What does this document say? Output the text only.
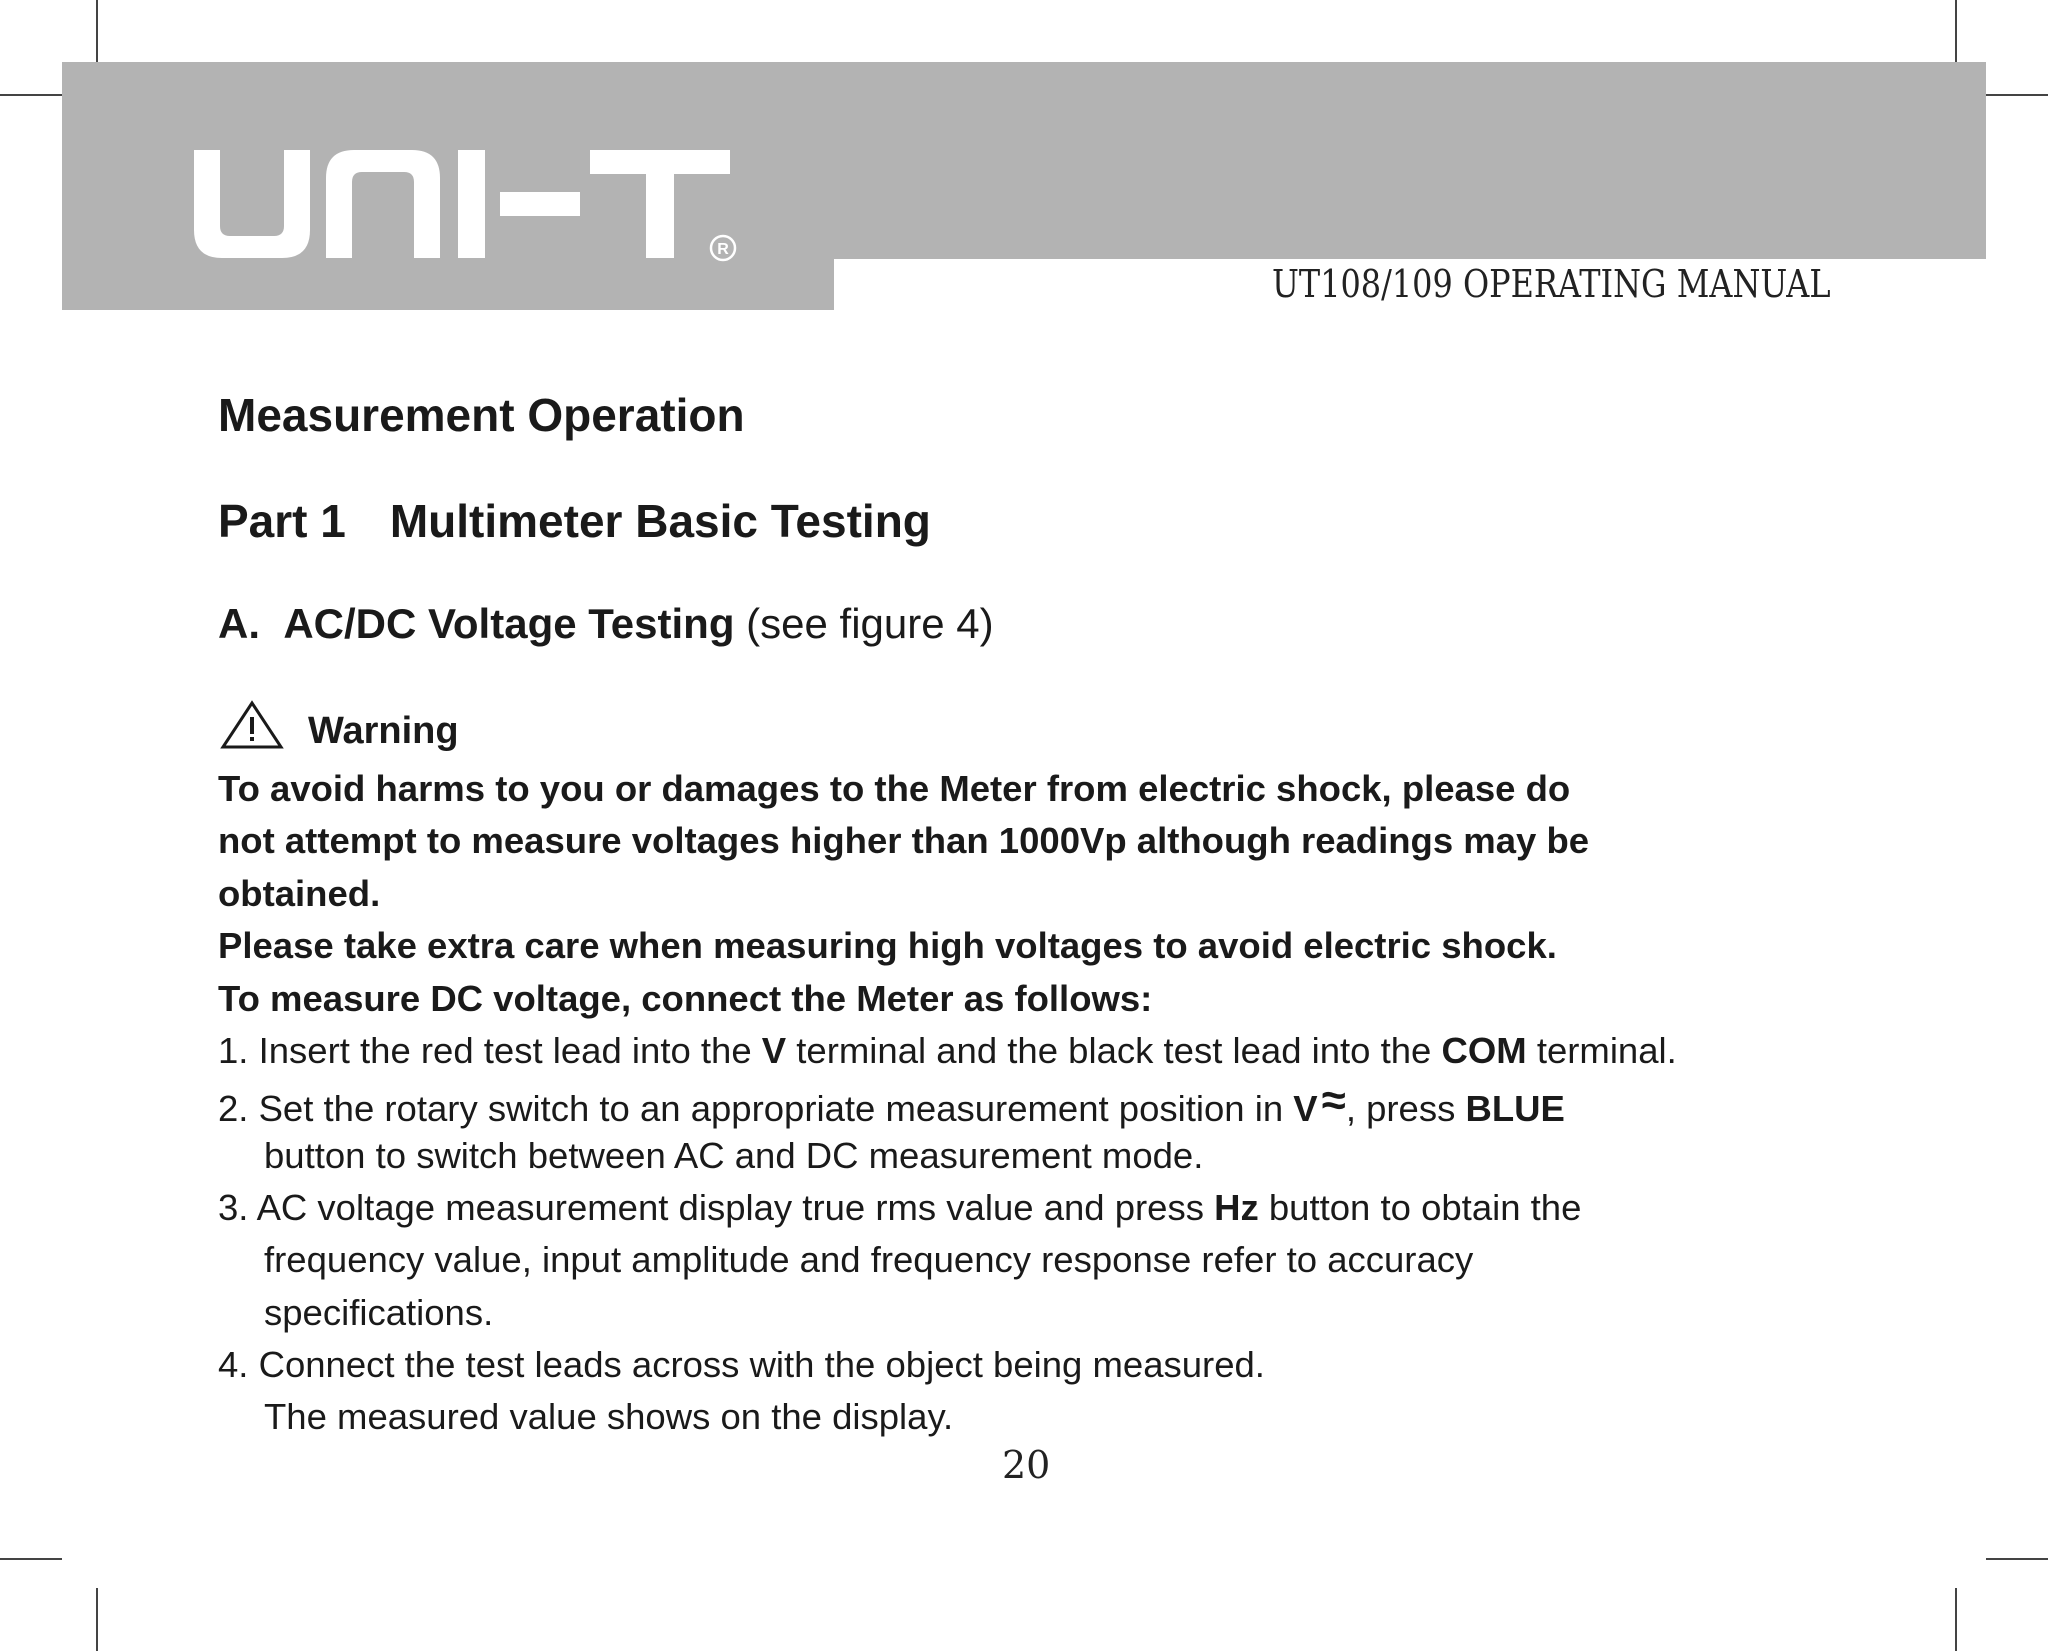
R
UT108/109 OPERATING MANUAL
Measurement Operation
Part 1 Multimeter Basic Testing
A. AC/DC Voltage Testing (see figure 4)
Warning
To avoid harms to you or damages to the Meter from electric shock, please do
not attempt to measure voltages higher than 1000Vp although readings may be
obtained.
Please take extra care when measuring high voltages to avoid electric shock.
To measure DC voltage, connect the Meter as follows:
1. Insert the red test lead into the V terminal and the black test lead into the COM terminal.
2. Set the rotary switch to an appropriate measurement position in V≈, press BLUE
button to switch between AC and DC measurement mode.
3. AC voltage measurement display true rms value and press Hz button to obtain the
frequency value, input amplitude and frequency response refer to accuracy
specifications.
4. Connect the test leads across with the object being measured.
The measured value shows on the display.
20
